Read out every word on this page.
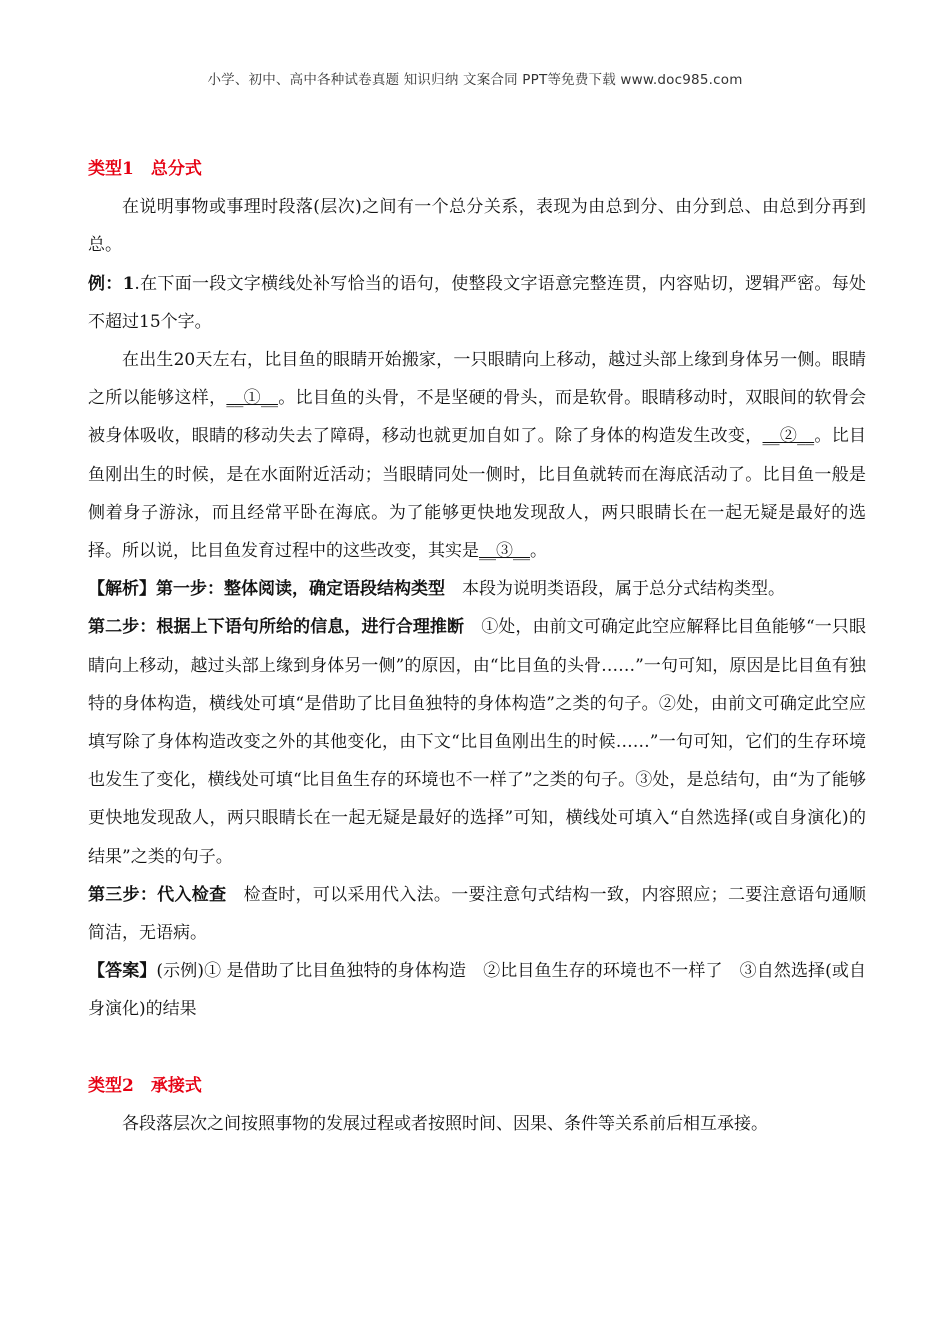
小学、初中、高中各种试卷真题 知识归纳 文案合同 PPT等免费下载 www.doc985.com

类型1　总分式

在说明事物或事理时段落(层次)之间有一个总分关系，表现为由总到分、由分到总、由总到分再到总。

例：1.在下面一段文字横线处补写恰当的语句，使整段文字语意完整连贯，内容贴切，逻辑严密。每处不超过15个字。

在出生20天左右，比目鱼的眼睛开始搬家，一只眼睛向上移动，越过头部上缘到身体另一侧。眼睛之所以能够这样，__①__。比目鱼的头骨，不是坚硬的骨头，而是软骨。眼睛移动时，双眼间的软骨会被身体吸收，眼睛的移动失去了障碍，移动也就更加自如了。除了身体的构造发生改变，__②__。比目鱼刚出生的时候，是在水面附近活动；当眼睛同处一侧时，比目鱼就转而在海底活动了。比目鱼一般是侧着身子游泳，而且经常平卧在海底。为了能够更快地发现敌人，两只眼睛长在一起无疑是最好的选择。所以说，比目鱼发育过程中的这些改变，其实是__③__。

【解析】第一步：整体阅读，确定语段结构类型　本段为说明类语段，属于总分式结构类型。

第二步：根据上下语句所给的信息，进行合理推断　①处，由前文可确定此空应解释比目鱼能够“一只眼睛向上移动，越过头部上缘到身体另一侧”的原因，由“比目鱼的头骨……”一句可知，原因是比目鱼有独特的身体构造，横线处可填“是借助了比目鱼独特的身体构造”之类的句子。②处，由前文可确定此空应填写除了身体构造改变之外的其他变化，由下文“比目鱼刚出生的时候……”一句可知，它们的生存环境也发生了变化，横线处可填“比目鱼生存的环境也不一样了”之类的句子。③处，是总结句，由“为了能够更快地发现敌人，两只眼睛长在一起无疑是最好的选择”可知，横线处可填入“自然选择(或自身演化)的结果”之类的句子。

第三步：代入检查　检查时，可以采用代入法。一要注意句式结构一致，内容照应；二要注意语句通顺简洁，无语病。

【答案】(示例)① 是借助了比目鱼独特的身体构造　②比目鱼生存的环境也不一样了　③自然选择(或自身演化)的结果

类型2　承接式

各段落层次之间按照事物的发展过程或者按照时间、因果、条件等关系前后相互承接。
